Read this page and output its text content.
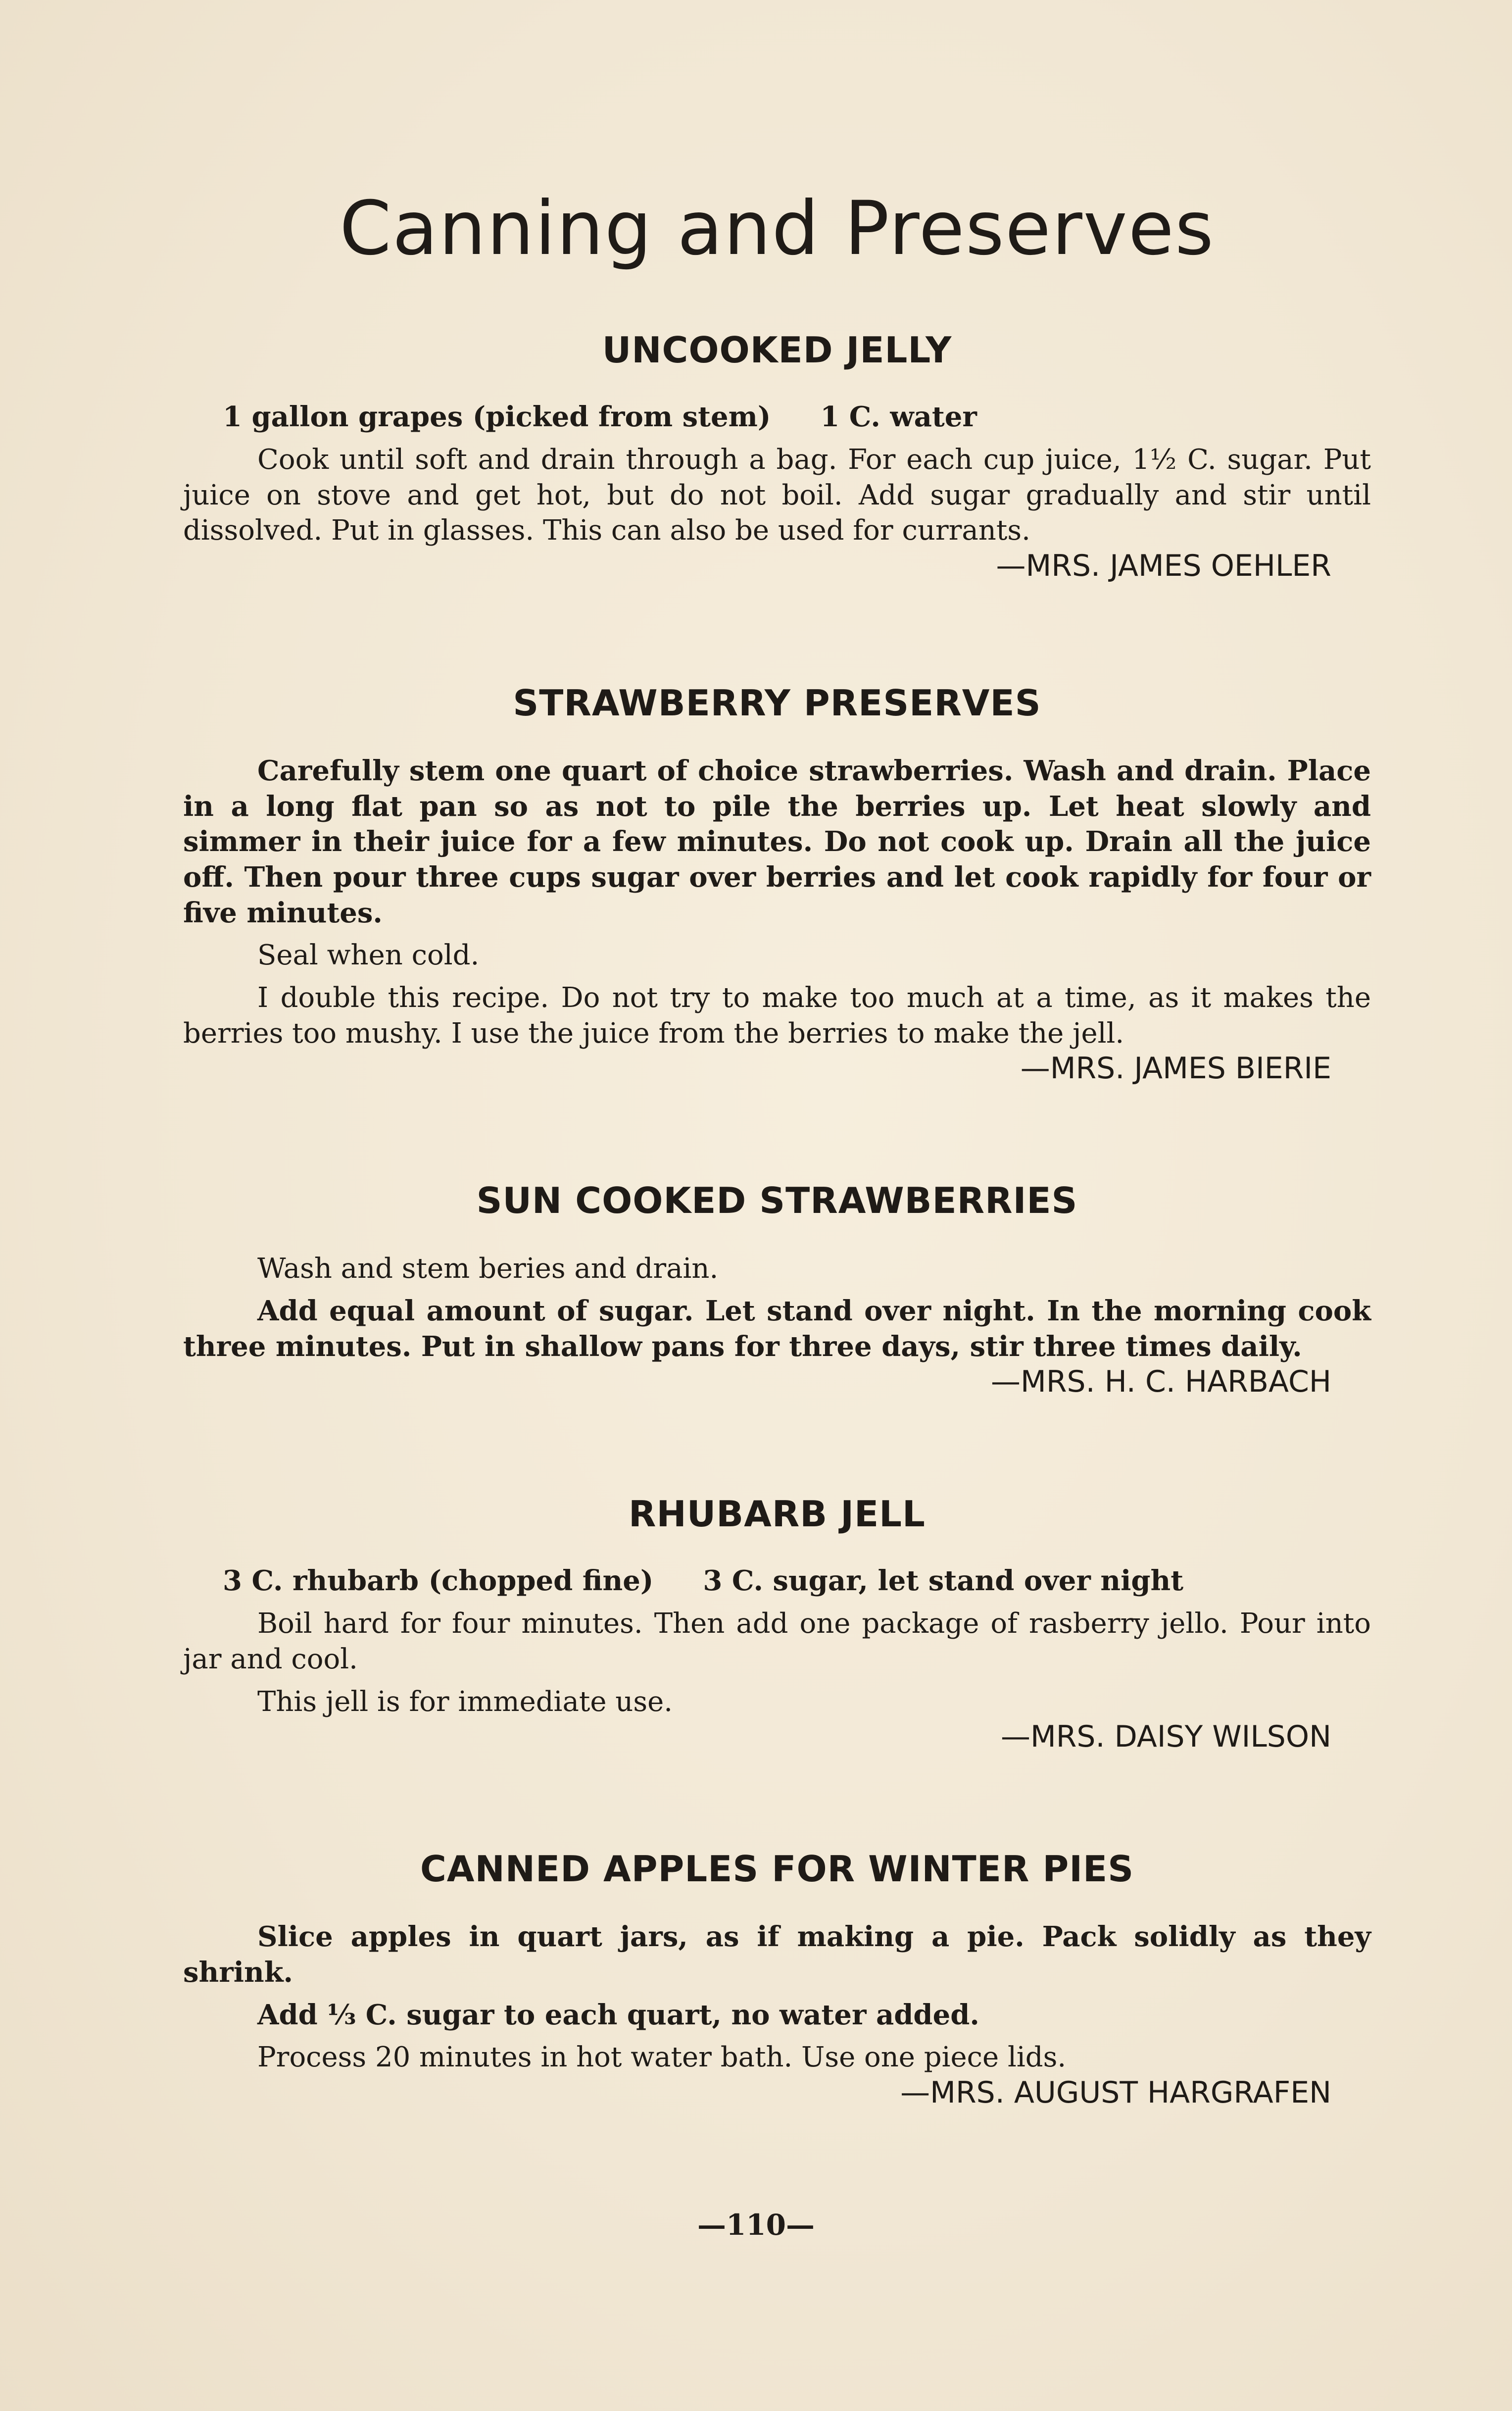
Canning and Preserves
UNCOOKED JELLY
1 gallon grapes (picked from stem) 1 C. water

Cook until soft and drain through a bag. For each cup juice, 1½ C. sugar. Put juice on stove and get hot, but do not boil. Add sugar gradually and stir until dissolved. Put in glasses. This can also be used for currants.

—MRS. JAMES OEHLER
STRAWBERRY PRESERVES

Carefully stem one quart of choice strawberries. Wash and drain. Place in a long flat pan so as not to pile the berries up. Let heat slowly and simmer in their juice for a few minutes. Do not cook up. Drain all the juice off. Then pour three cups sugar over berries and let cook rapidly for four or five minutes.

Seal when cold.

I double this recipe. Do not try to make too much at a time, as it makes the berries too mushy. I use the juice from the berries to make the jell.

—MRS. JAMES BIERIE
SUN COOKED STRAWBERRIES

Wash and stem beries and drain.

Add equal amount of sugar. Let stand over night. In the morning cook three minutes. Put in shallow pans for three days, stir three times daily.

—MRS. H. C. HARBACH
RHUBARB JELL
3 C. rhubarb (chopped fine) 3 C. sugar, let stand over night

Boil hard for four minutes. Then add one package of rasberry jello. Pour into jar and cool.

This jell is for immediate use.

—MRS. DAISY WILSON
CANNED APPLES FOR WINTER PIES

Slice apples in quart jars, as if making a pie. Pack solidly as they shrink.

Add ⅓ C. sugar to each quart, no water added.

Process 20 minutes in hot water bath. Use one piece lids.

—MRS. AUGUST HARGRAFEN
—110—
